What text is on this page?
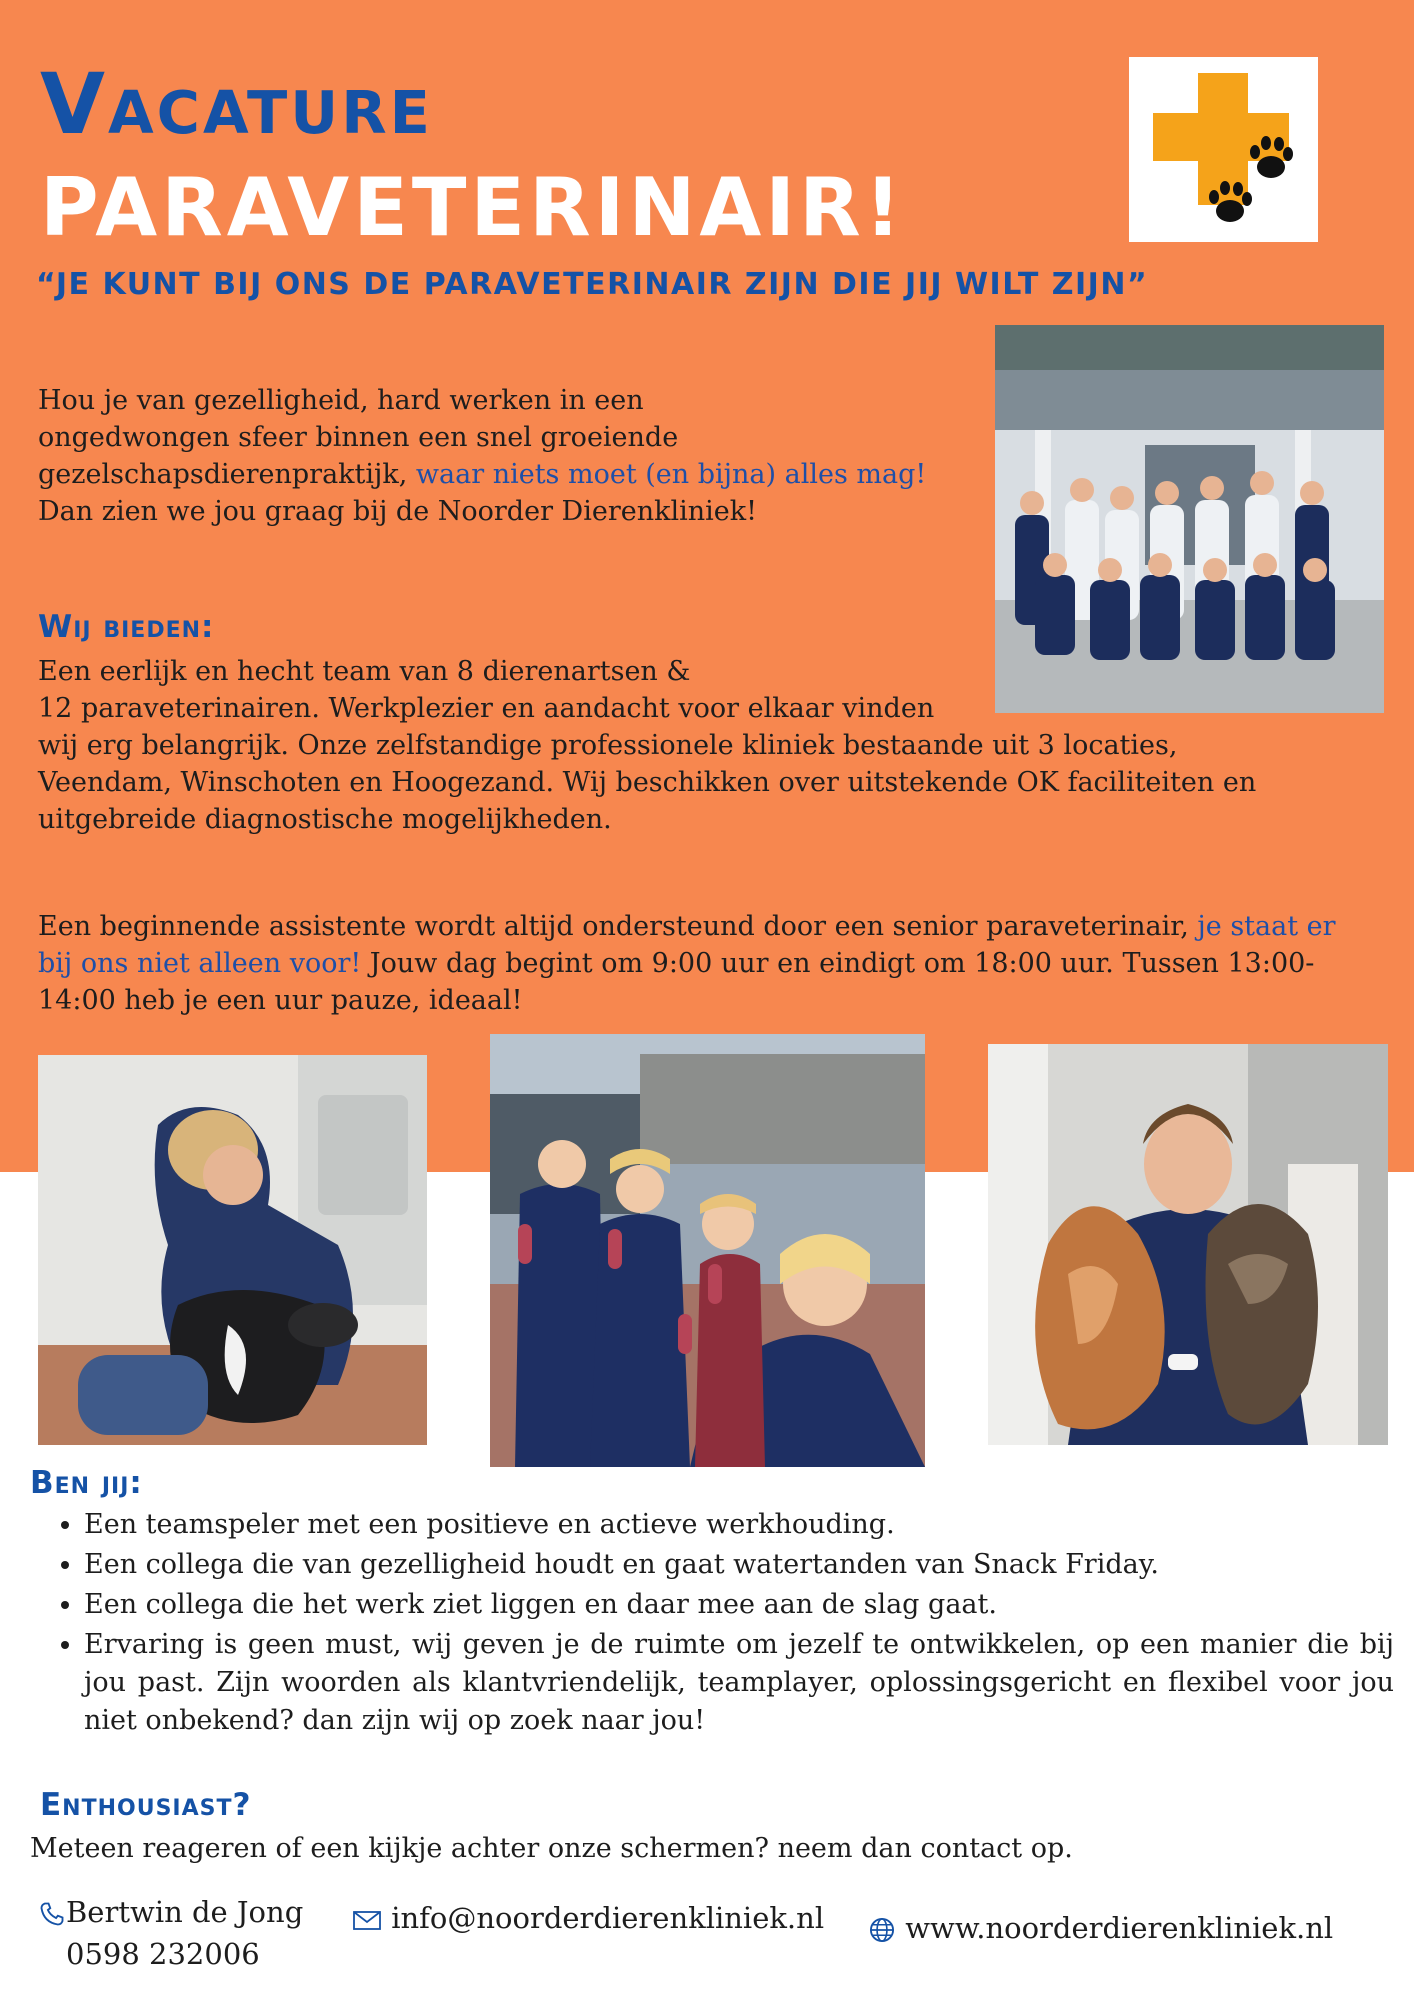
Vacature
PARAVETERINAIR!
“JE KUNT BIJ ONS DE PARAVETERINAIR ZIJN DIE JIJ WILT ZIJN”
Hou je van gezelligheid, hard werken in een
ongedwongen sfeer binnen een snel groeiende
gezelschapsdierenpraktijk, waar niets moet (en bijna) alles mag!
Dan zien we jou graag bij de Noorder Dierenkliniek!
Wij bieden:
Een eerlijk en hecht team van 8 dierenartsen &
12 paraveterinairen. Werkplezier en aandacht voor elkaar vinden
wij erg belangrijk. Onze zelfstandige professionele kliniek bestaande uit 3 locaties,
Veendam, Winschoten en Hoogezand. Wij beschikken over uitstekende OK faciliteiten en
uitgebreide diagnostische mogelijkheden.
Een beginnende assistente wordt altijd ondersteund door een senior paraveterinair, je staat er bij ons niet alleen voor! Jouw dag begint om 9:00 uur en eindigt om 18:00 uur. Tussen 13:00-14:00 heb je een uur pauze, ideaal!
Ben jij:
• Een teamspeler met een positieve en actieve werkhouding.
• Een collega die van gezelligheid houdt en gaat watertanden van Snack Friday.
• Een collega die het werk ziet liggen en daar mee aan de slag gaat.
• Ervaring is geen must, wij geven je de ruimte om jezelf te ontwikkelen, op een manier die bij jou past. Zijn woorden als klantvriendelijk, teamplayer, oplossingsgericht en flexibel voor jou niet onbekend? dan zijn wij op zoek naar jou!
Enthousiast?
Meteen reageren of een kijkje achter onze schermen? neem dan contact op.
Bertwin de Jong
0598 232006
info@noorderdierenkliniek.nl	www.noorderdierenkliniek.nl
